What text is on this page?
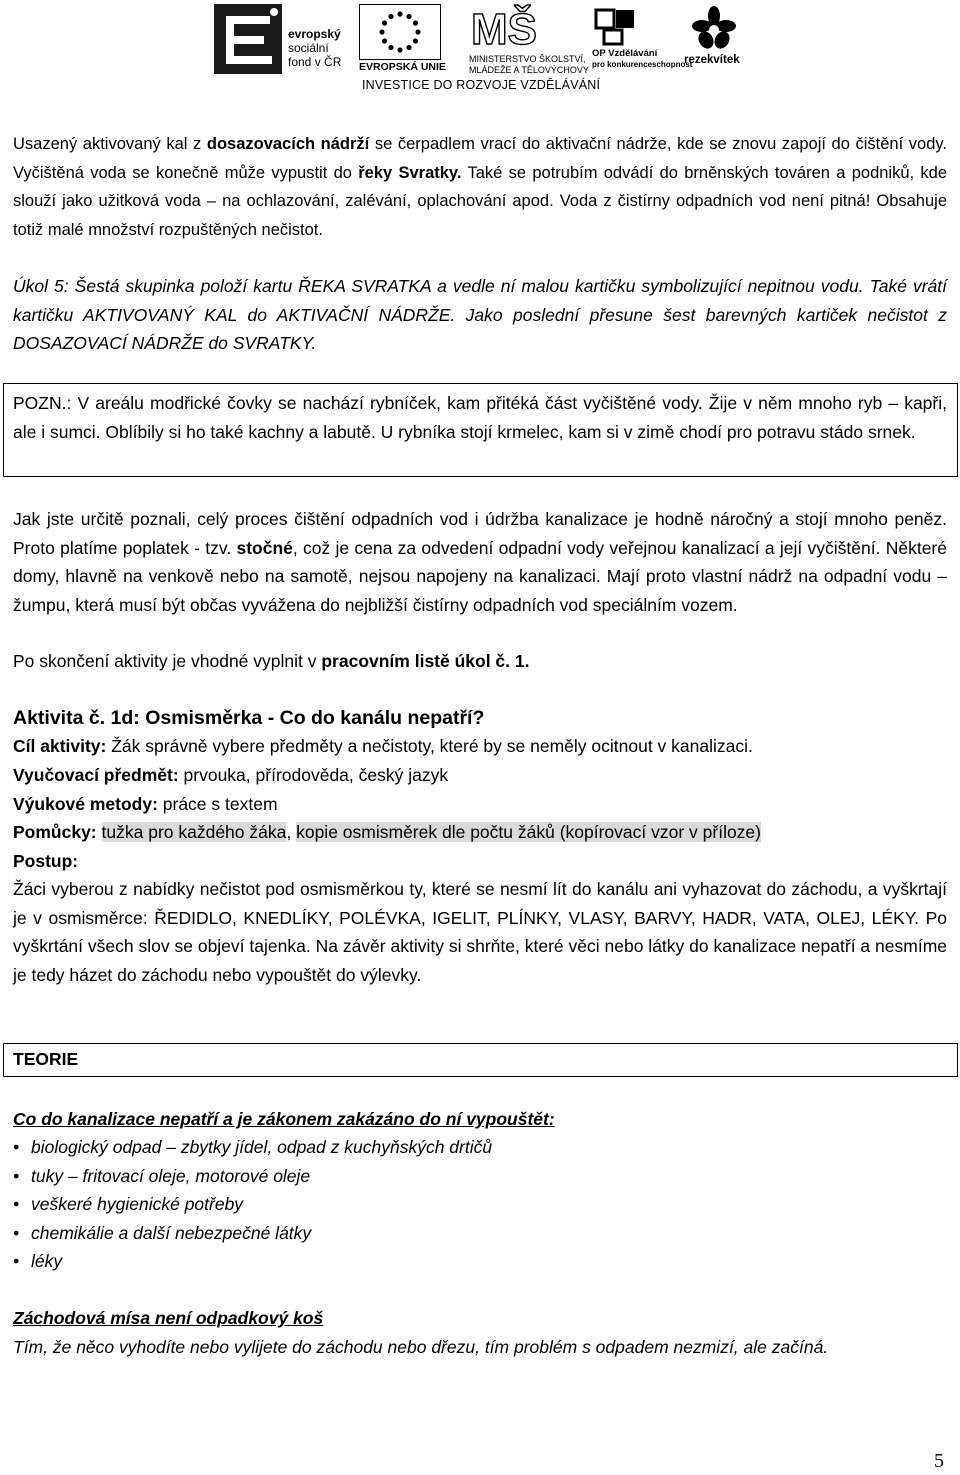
evropský
sociální
fond v ČR EVROPSKÁ UNIE
MŠ
MINISTERSTVO ŠKOLSTVÍ,
MLÁDEŽE A TĚLOVÝCHOVY
OP Vzdělávání
pro konkurenceschopnost
rezekvítek
INVESTICE DO ROZVOJE VZDĚLÁVÁNÍ

Usazený aktivovaný kal z dosazovacích nádrží se čerpadlem vrací do aktivační nádrže, kde se znovu zapojí do čištění vody. Vyčištěná voda se konečně může vypustit do řeky Svratky. Také se potrubím odvádí do brněnských továren a podniků, kde slouží jako užitková voda – na ochlazování, zalévání, oplachování apod. Voda z čistírny odpadních vod není pitná! Obsahuje totiž malé množství rozpuštěných nečistot.

Úkol 5: Šestá skupinka položí kartu ŘEKA SVRATKA a vedle ní malou kartičku symbolizující nepitnou vodu. Také vrátí kartičku AKTIVOVANÝ KAL do AKTIVAČNÍ NÁDRŽE. Jako poslední přesune šest barevných kartiček nečistot z DOSAZOVACÍ NÁDRŽE do SVRATKY.

POZN.: V areálu modřické čovky se nachází rybníček, kam přitéká část vyčištěné vody. Žije v něm mnoho ryb – kapři, ale i sumci. Oblíbily si ho také kachny a labutě. U rybníka stojí krmelec, kam si v zimě chodí pro potravu stádo srnek.

Jak jste určitě poznali, celý proces čištění odpadních vod i údržba kanalizace je hodně náročný a stojí mnoho peněz. Proto platíme poplatek - tzv. stočné, což je cena za odvedení odpadní vody veřejnou kanalizací a její vyčištění. Některé domy, hlavně na venkově nebo na samotě, nejsou napojeny na kanalizaci. Mají proto vlastní nádrž na odpadní vodu – žumpu, která musí být občas vyvážena do nejbližší čistírny odpadních vod speciálním vozem.

Po skončení aktivity je vhodné vyplnit v pracovním listě úkol č. 1.

Aktivita č. 1d: Osmisměrka - Co do kanálu nepatří?

Cíl aktivity: Žák správně vybere předměty a nečistoty, které by se neměly ocitnout v kanalizaci.

Vyučovací předmět: prvouka, přírodověda, český jazyk

Výukové metody: práce s textem

Pomůcky: tužka pro každého žáka, kopie osmisměrek dle počtu žáků (kopírovací vzor v příloze)

Postup:

Žáci vyberou z nabídky nečistot pod osmisměrkou ty, které se nesmí lít do kanálu ani vyhazovat do záchodu, a vyškrtají je v osmisměrce: ŘEDIDLO, KNEDLÍKY, POLÉVKA, IGELIT, PLÍNKY, VLASY, BARVY, HADR, VATA, OLEJ, LÉKY. Po vyškrtání všech slov se objeví tajenka. Na závěr aktivity si shrňte, které věci nebo látky do kanalizace nepatří a nesmíme je tedy házet do záchodu nebo vypouštět do výlevky.

TEORIE

Co do kanalizace nepatří a je zákonem zakázáno do ní vypouštět:

• biologický odpad – zbytky jídel, odpad z kuchyňských drtičů
• tuky – fritovací oleje, motorové oleje
• veškeré hygienické potřeby
• chemikálie a další nebezpečné látky
• léky

Záchodová mísa není odpadkový koš

Tím, že něco vyhodíte nebo vylijete do záchodu nebo dřezu, tím problém s odpadem nezmizí, ale začíná.

5
